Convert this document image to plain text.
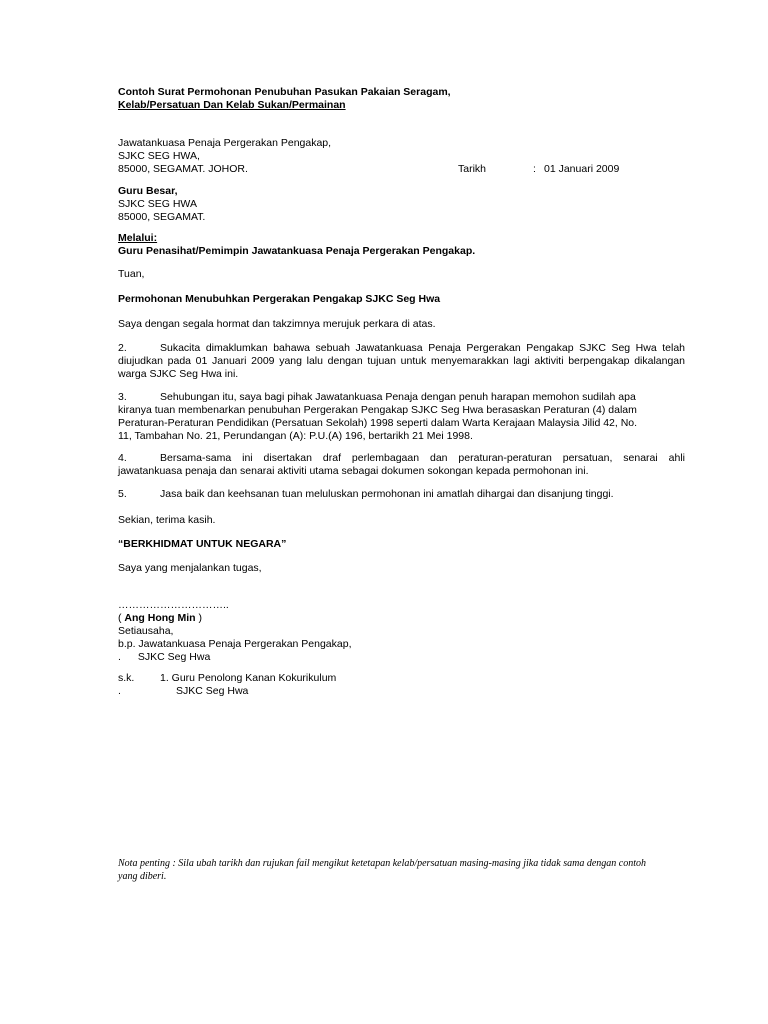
Contoh Surat Permohonan Penubuhan Pasukan Pakaian Seragam,
Kelab/Persatuan Dan Kelab Sukan/Permainan
Jawatankuasa Penaja Pergerakan Pengakap,
SJKC SEG HWA,
85000, SEGAMAT. JOHOR.	Tarikh	: 01 Januari 2009
Guru Besar,
SJKC SEG HWA
85000, SEGAMAT.
Melalui:
Guru Penasihat/Pemimpin Jawatankuasa Penaja Pergerakan Pengakap.
Tuan,
Permohonan Menubuhkan Pergerakan Pengakap SJKC Seg Hwa
Saya dengan segala hormat dan takzimnya merujuk perkara di atas.
2.	Sukacita dimaklumkan bahawa sebuah Jawatankuasa Penaja Pergerakan Pengakap SJKC Seg Hwa telah
diujudkan pada 01 Januari 2009 yang lalu dengan tujuan untuk menyemarakkan lagi aktiviti berpengakap dikalangan
warga SJKC Seg Hwa ini.
3.	Sehubungan itu, saya bagi pihak Jawatankuasa Penaja dengan penuh harapan memohon sudilah apa
kiranya tuan membenarkan penubuhan Pergerakan Pengakap SJKC Seg Hwa berasaskan Peraturan (4) dalam
Peraturan-Peraturan Pendidikan (Persatuan Sekolah) 1998 seperti dalam Warta Kerajaan Malaysia Jilid 42, No.
11, Tambahan No. 21, Perundangan (A): P.U.(A) 196, bertarikh 21 Mei 1998.
4.	Bersama-sama ini disertakan draf perlembagaan dan peraturan-peraturan persatuan, senarai ahli
jawatankuasa penaja dan senarai aktiviti utama sebagai dokumen sokongan kepada permohonan ini.
5.	Jasa baik dan keehsanan tuan meluluskan permohonan ini amatlah dihargai dan disanjung tinggi.
Sekian, terima kasih.
“BERKHIDMAT UNTUK NEGARA”
Saya yang menjalankan tugas,
…………………………..
( Ang Hong Min )
Setiausaha,
b.p. Jawatankuasa Penaja Pergerakan Pengakap,
. SJKC Seg Hwa
s.k. 1. Guru Penolong Kanan Kokurikulum
.	SJKC Seg Hwa
Nota penting : Sila ubah tarikh dan rujukan fail mengikut ketetapan kelab/persatuan masing-masing jika tidak sama dengan contoh
yang diberi.
